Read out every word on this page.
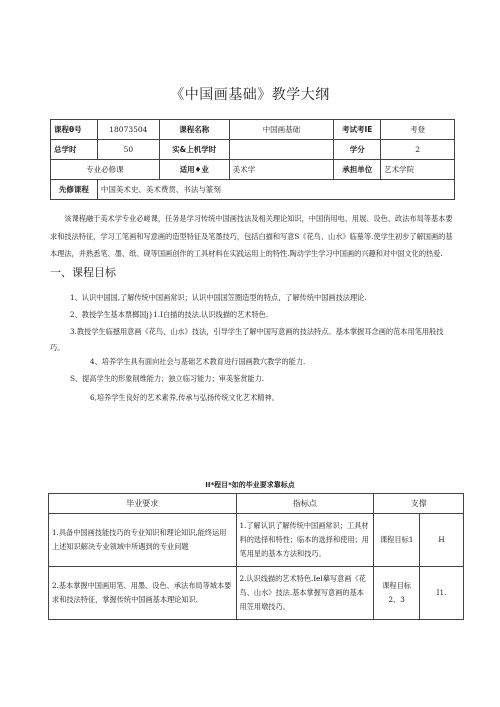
《中国画基础》教学大纲
课程θ号	18073504	课程名称	中国画基础	考试考IE	考登
总学时	50	实&上机学时		学分	2
专业必修课		适用♦业	美术学	承担单位	艺术学院
先修课程	中国美术史、美术费贯、书法与篆刻				
该课程融于美术学专业必嵯课，任务是学习传统中国画技法及相关理论知识，中国俏用电、用展、设色、政法布局等基本要求和技法特征，学习工笔画和写意画的造型特征及笔墨技巧，包括白描和写意S《花鸟、山水》临墓等.使学生初步了解国画的基本理法，并熟悉笔、墨、纸、砚等国画创作的工具材料在实践运用上的特性.陶动学生学习中国画的兴趣和对中国文化的热爱.
一、课程目标
1、认识中国国,了解传统中国画常识；认识中国国笠圈造型的特点，了解传统中国画技法理论.
2、教授学生基本票榔国j}1.Ⅰ白描的技法.认识线描的艺术特色.
3.教授学生临撼用意画《花鸟、山水》技法，引导学生了解中国写意画的技法特点。基本掌握耳念画的范本用笔用般技巧。
4、培养学生具有面向社会与基础艺术教育进行国画教穴教学的能力.
S、提高学生的形象削维能力；独立临习能力；审美鉴赏能力.
6,培养学生良好的艺术素养,传承与弘扬传统文化艺术精神。
II*程目*如的毕业要求靠标点
毕业要求	指标点	支撑	
1.具备中国画技能技巧的专业知识和理论知识,能终运用上述知识解决专业领域中所遇到的专业问题	1.了解认识了解传统中国画常识；工具材料的选择和特性；临本的选择和使用；用笔用星的基本方法和技巧。	课程目标1	H
2.基本掌握中国画用笔、用墨、设色、承法布局等城本要求和技法特征，掌握传统中国画基本理论知识.	2.认识线描的艺术特色.Iel摹写意画《花鸟、山水》技法.基本掌握写意画的基本用笠用墩技巧。	课程目标2、3	I1.
